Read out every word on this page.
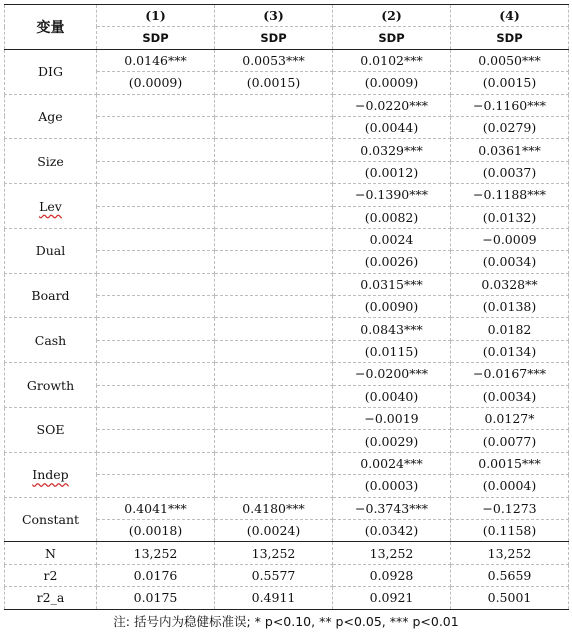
变量	(1)	(3)	(2)	(4)
	SDP	SDP	SDP	SDP
DIG	0.0146***	0.0053***	0.0102***	0.0050***
	(0.0009)	(0.0015)	(0.0009)	(0.0015)
Age			−0.0220***	−0.1160***
			(0.0044)	(0.0279)
Size			0.0329***	0.0361***
			(0.0012)	(0.0037)
Lev			−0.1390***	−0.1188***
			(0.0082)	(0.0132)
Dual			0.0024	−0.0009
			(0.0026)	(0.0034)
Board			0.0315***	0.0328**
			(0.0090)	(0.0138)
Cash			0.0843***	0.0182
			(0.0115)	(0.0134)
Growth			−0.0200***	−0.0167***
			(0.0040)	(0.0034)
SOE			−0.0019	0.0127*
			(0.0029)	(0.0077)
Indep			0.0024***	0.0015***
			(0.0003)	(0.0004)
Constant	0.4041***	0.4180***	−0.3743***	−0.1273
	(0.0018)	(0.0024)	(0.0342)	(0.1158)
N	13,252	13,252	13,252	13,252
r2	0.0176	0.5577	0.0928	0.5659
r2_a	0.0175	0.4911	0.0921	0.5001
注: 括号内为稳健标准误; * p<0.10, ** p<0.05, *** p<0.01
